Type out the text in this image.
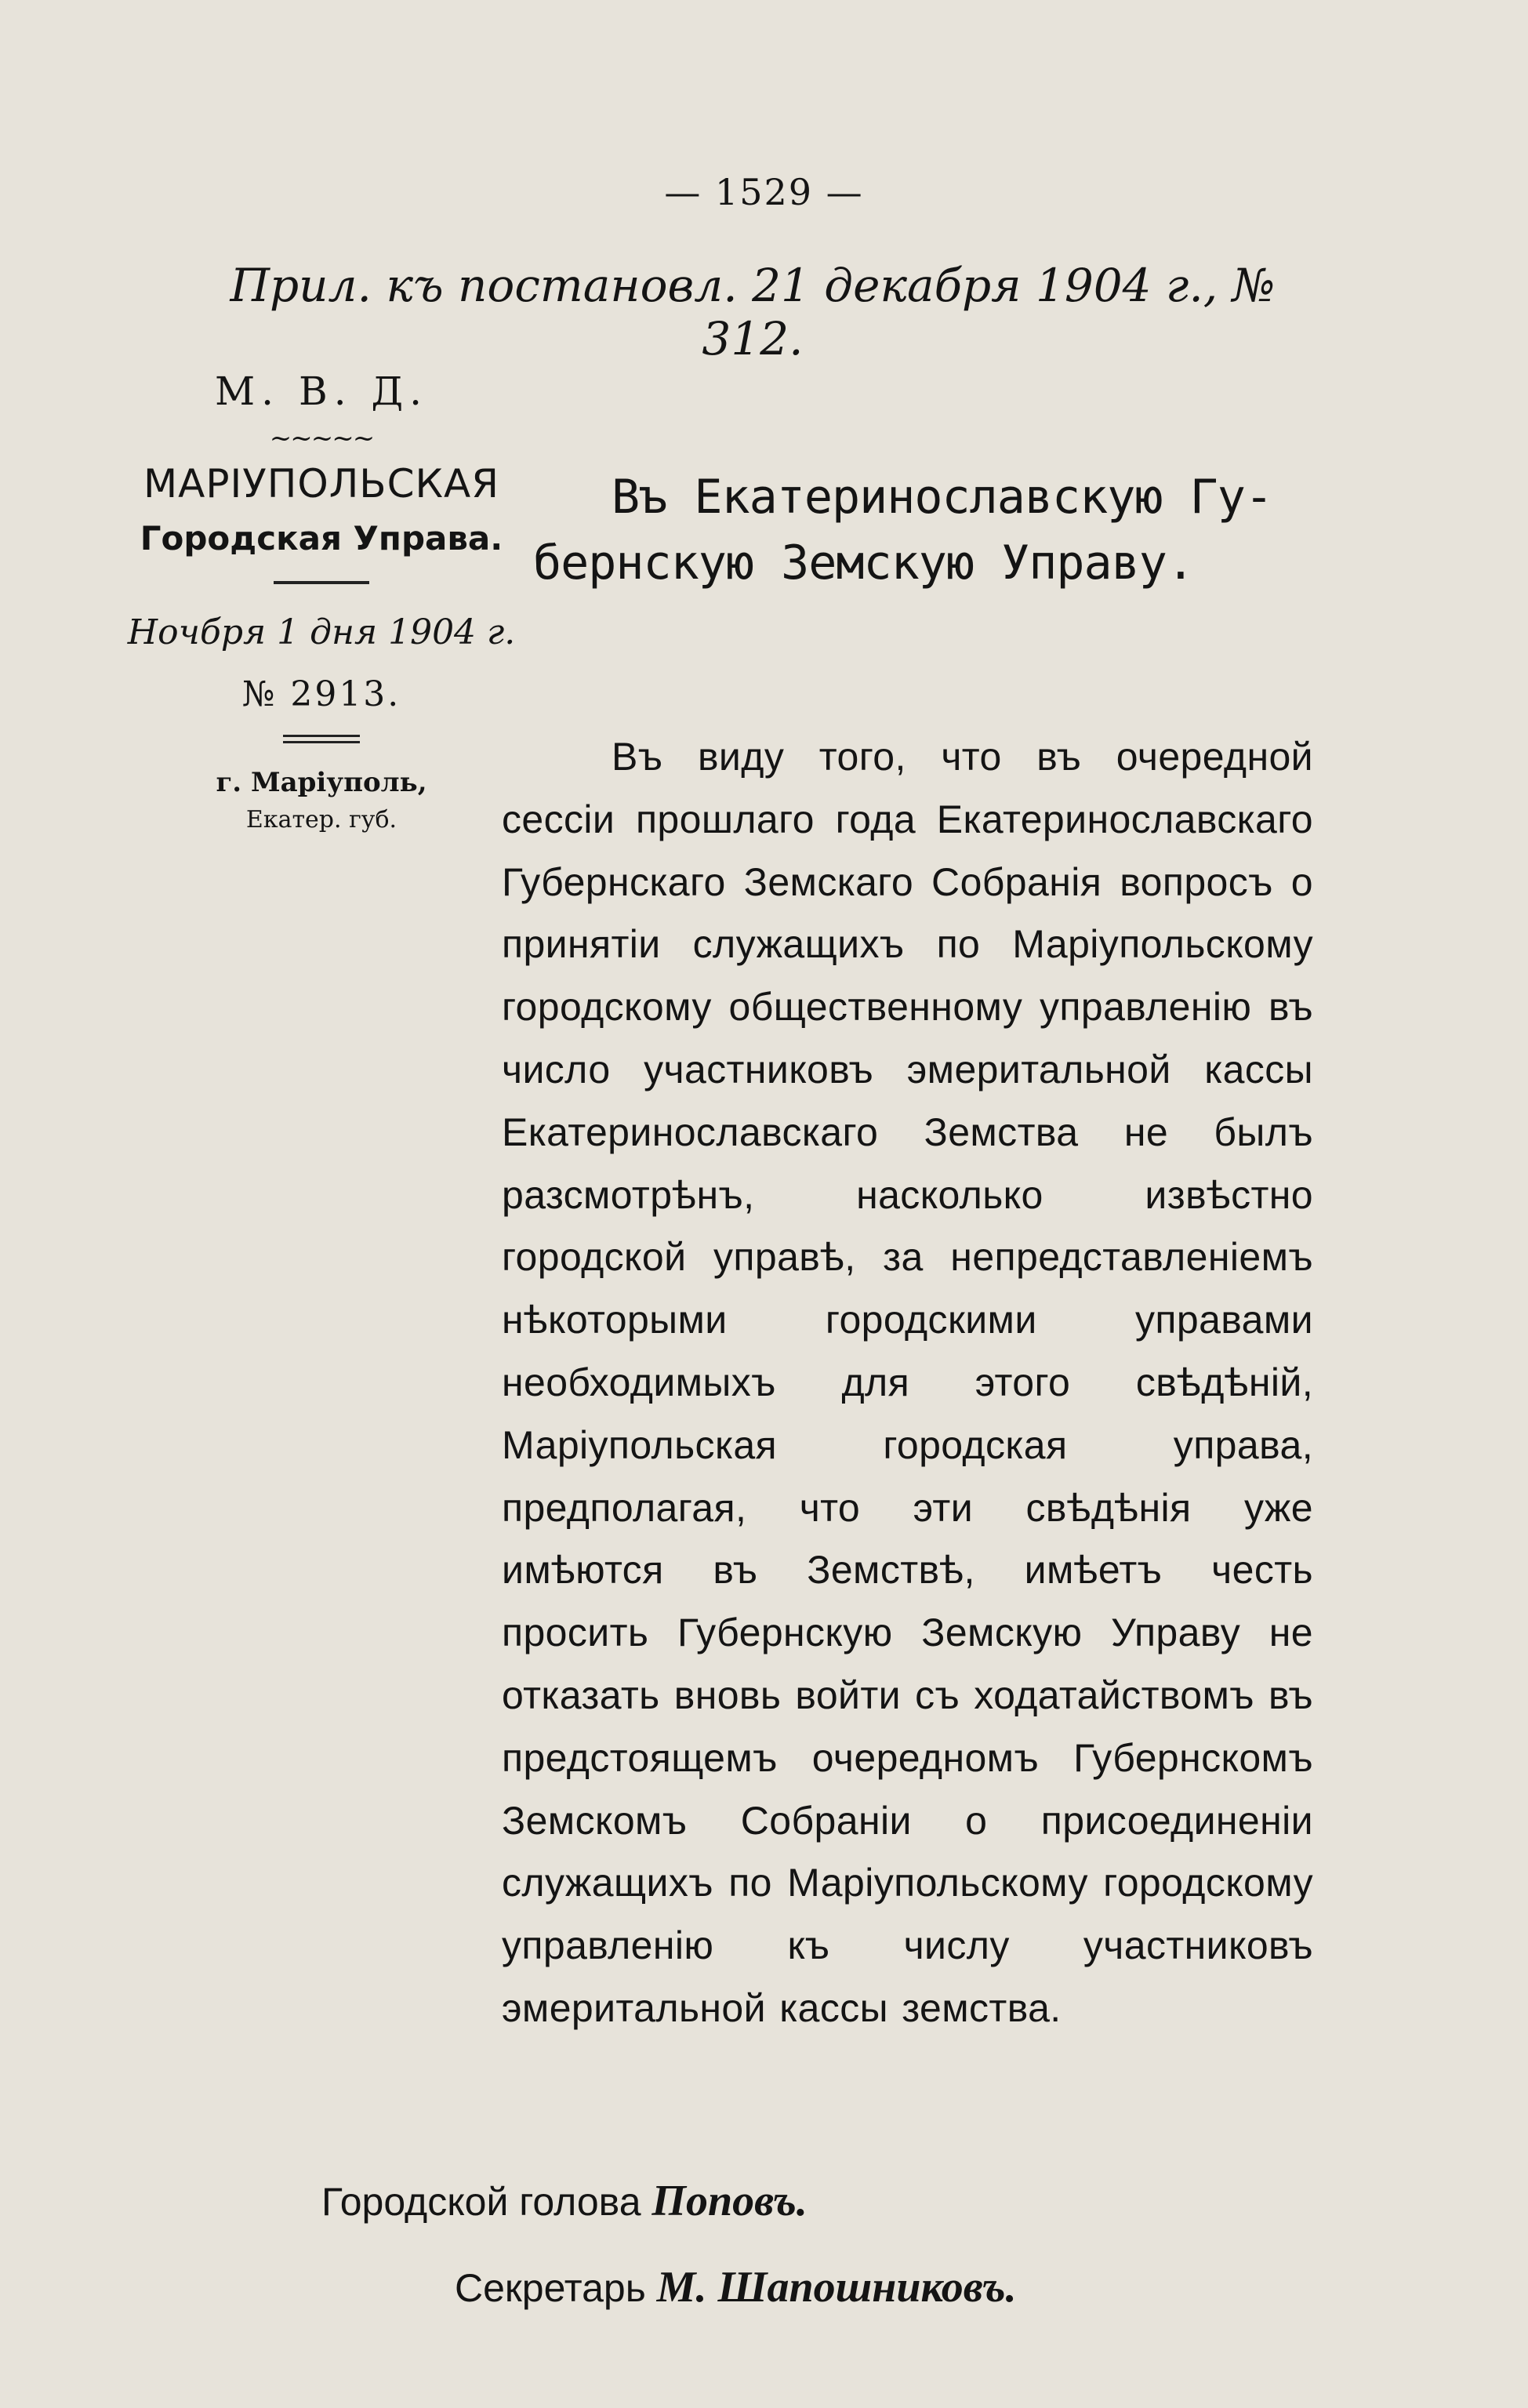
— 1529 —
Прил. къ постановл. 21 декабря 1904 г., № 312.
М. В. Д.
~~~~~
МАРІУПОЛЬСКАЯ
Городская Управа.
Ночбря 1 дня 1904 г.
№ 2913.
г. Маріуполь,
Екатер. губ.
Въ Екатеринославскую Гу-
бернскую Земскую Управу.
Въ виду того, что въ очередной сессіи прошлаго года Екатеринославскаго Губернскаго Земскаго Собранія вопросъ о принятіи служащихъ по Маріупольскому городскому общественному управленію въ число участниковъ эмеритальной кассы Екатеринославскаго Земства не былъ разсмотрѣнъ, насколько извѣстно городской управѣ, за непредставленіемъ нѣкоторыми городскими управами необходимыхъ для этого свѣдѣній, Маріупольская городская управа, предполагая, что эти свѣдѣнія уже имѣются въ Земствѣ, имѣетъ честь просить Губернскую Земскую Управу не отказать вновь войти съ ходатайствомъ въ предстоящемъ очередномъ Губернскомъ Земскомъ Собраніи о присоединеніи служащихъ по Маріупольскому городскому управленію къ числу участниковъ эмеритальной кассы земства.
Городской голова Поповъ.
Секретарь М. Шапошниковъ.
